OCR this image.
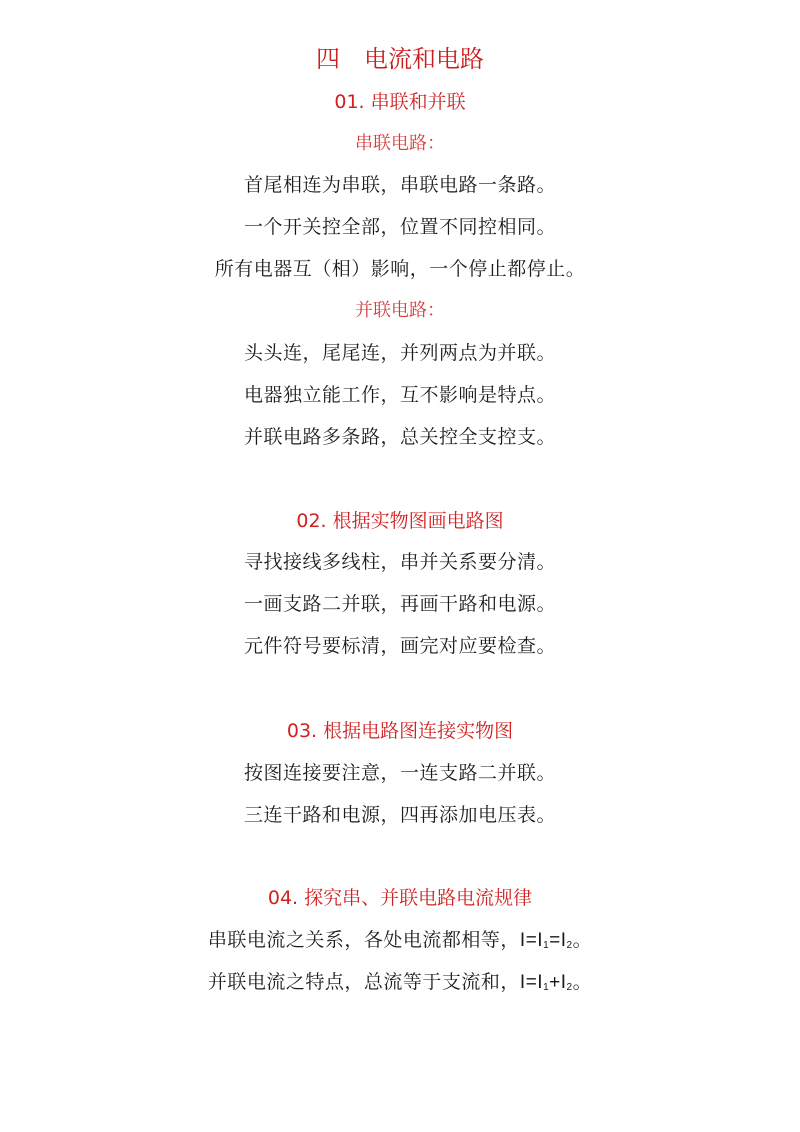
四　电流和电路
01. 串联和并联
串联电路：
首尾相连为串联，串联电路一条路。
一个开关控全部，位置不同控相同。
所有电器互（相）影响，一个停止都停止。
并联电路：
头头连，尾尾连，并列两点为并联。
电器独立能工作，互不影响是特点。
并联电路多条路，总关控全支控支。
02. 根据实物图画电路图
寻找接线多线柱，串并关系要分清。
一画支路二并联，再画干路和电源。
元件符号要标清，画完对应要检查。
03. 根据电路图连接实物图
按图连接要注意，一连支路二并联。
三连干路和电源，四再添加电压表。
04. 探究串、并联电路电流规律
串联电流之关系，各处电流都相等，$I=I_1=I_2$。
并联电流之特点，总流等于支流和，$I=I_1+I_2$。
